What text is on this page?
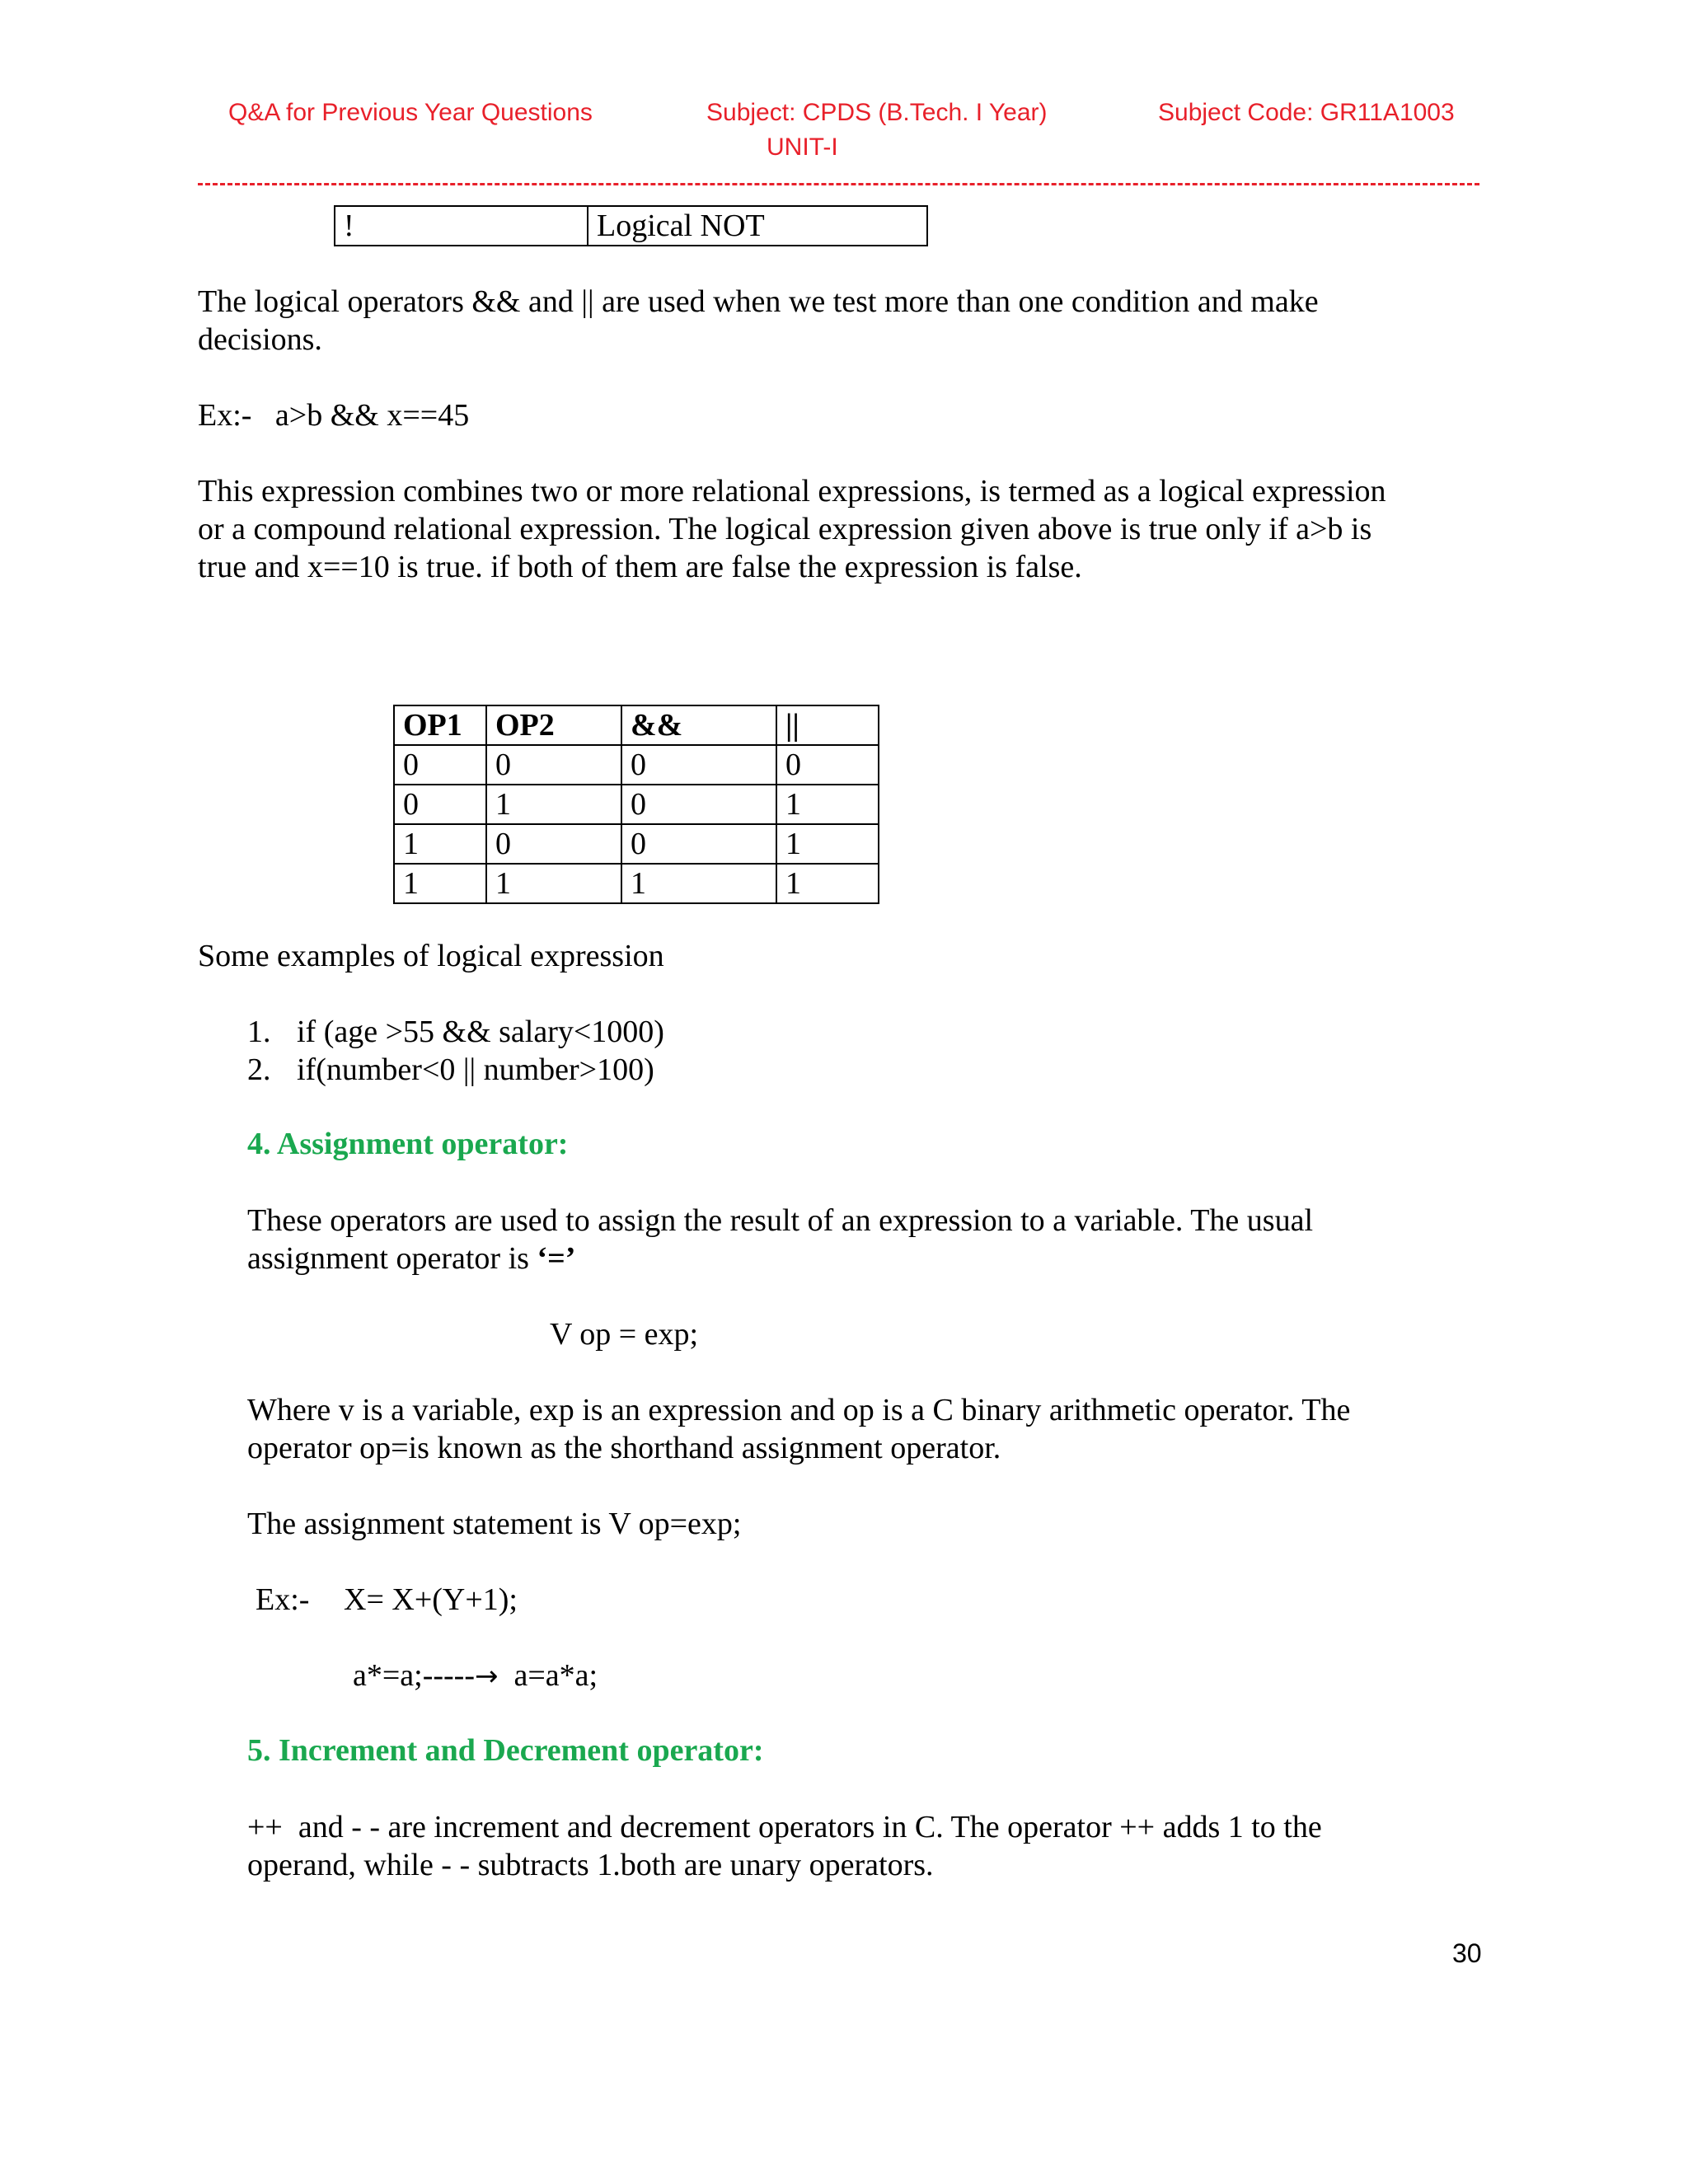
Q&A for Previous Year Questions	Subject: CPDS (B.Tech. I Year)
UNIT-I
Subject Code: GR11A1003
!	Logical NOT

The logical operators && and || are used when we test more than one condition and make
decisions.

Ex:-   a>b && x==45

This expression combines two or more relational expressions, is termed as a logical expression
or a compound relational expression. The logical expression given above is true only if a>b is
true and x==10 is true. if both of them are false the expression is false.

OP1	OP2	&&	||
0	0	0	0
0	1	0	1
1	0	0	1
1	1	1	1

Some examples of logical expression

1. if (age >55 && salary<1000)
2. if(number<0 || number>100)

4. Assignment operator:

These operators are used to assign the result of an expression to a variable. The usual
assignment operator is ‘=’

V op = exp;

Where v is a variable, exp is an expression and op is a C binary arithmetic operator. The
operator op=is known as the shorthand assignment operator.

The assignment statement is V op=exp;

Ex:- X= X+(Y+1);

a*=a;-----→ a=a*a;

5. Increment and Decrement operator:

++  and - - are increment and decrement operators in C. The operator ++ adds 1 to the
operand, while - - subtracts 1.both are unary operators.

30
